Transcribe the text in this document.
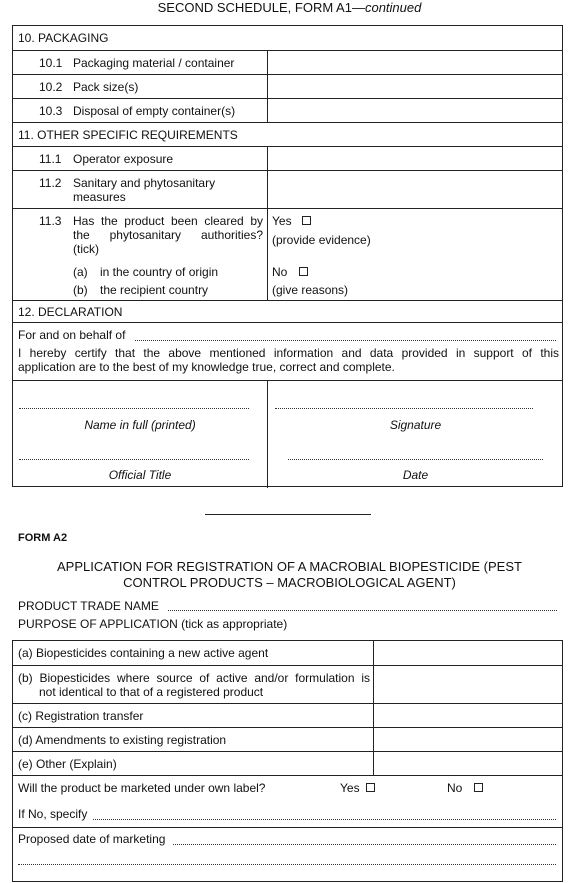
SECOND SCHEDULE, FORM A1—continued
10. PACKAGING
10.1 Packaging material / container
10.2 Pack size(s)
10.3 Disposal of empty container(s)
11. OTHER SPECIFIC REQUIREMENTS
11.1 Operator exposure
11.2 Sanitary and phytosanitary
measures
11.3 Has the product been cleared by
the phytosanitary authorities?
(tick)
(a) in the country of origin
(b) the recipient country
Yes
(provide evidence)
No
(give reasons)
12. DECLARATION
For and on behalf of
I hereby certify that the above mentioned information and data provided in support of this
application are to the best of my knowledge true, correct and complete.
Name in full (printed)
Official Title
Signature
Date
FORM A2
APPLICATION FOR REGISTRATION OF A MACROBIAL BIOPESTICIDE (PEST
CONTROL PRODUCTS – MACROBIOLOGICAL AGENT)
PRODUCT TRADE NAME
PURPOSE OF APPLICATION (tick as appropriate)
(a) Biopesticides containing a new active agent
(b) Biopesticides where source of active and/or formulation is
not identical to that of a registered product
(c) Registration transfer
(d) Amendments to existing registration
(e) Other (Explain)
Will the product be marketed under own label?	Yes	No
If No, specify
Proposed date of marketing
